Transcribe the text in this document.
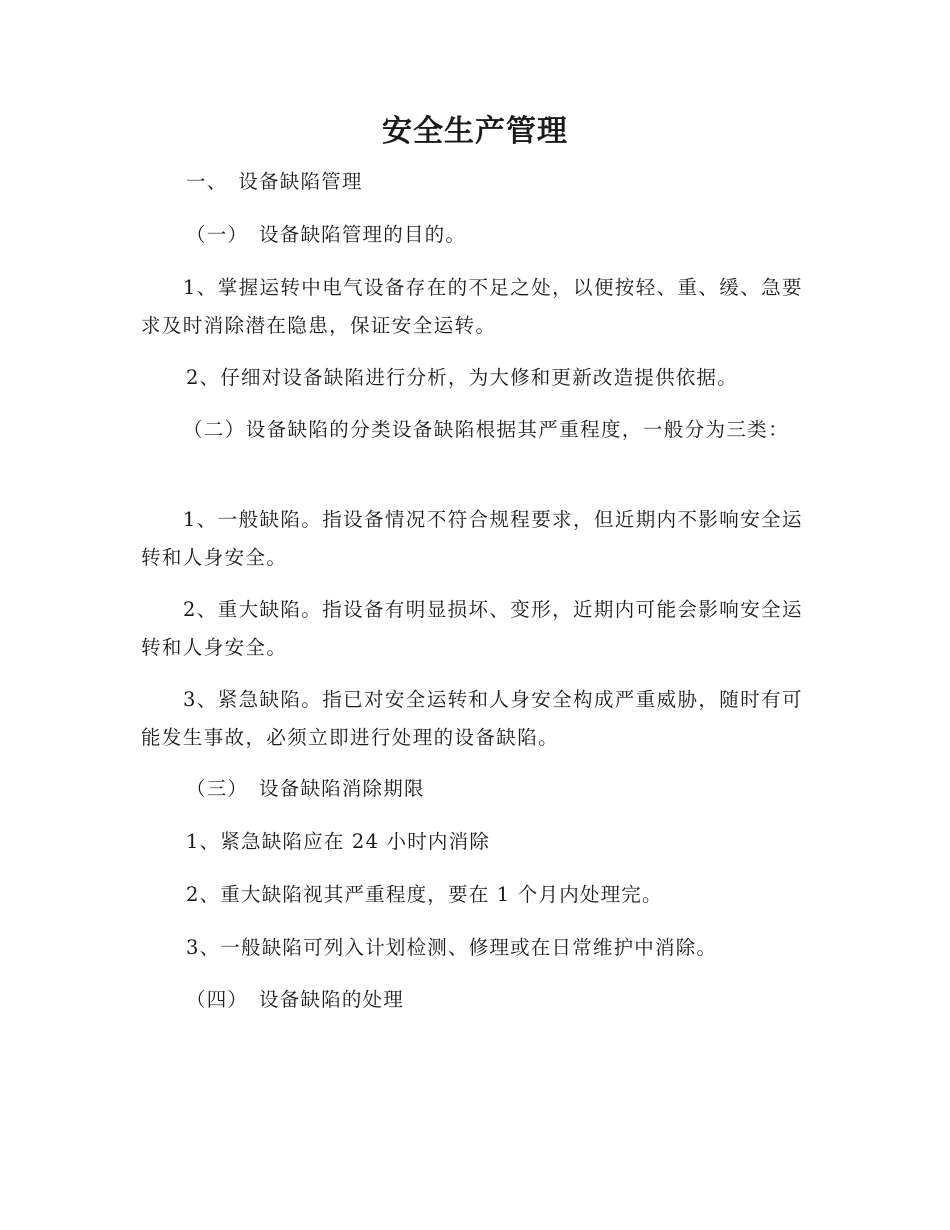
安全生产管理
一、　设备缺陷管理
（一）　设备缺陷管理的目的。

1、掌握运转中电气设备存在的不足之处，以便按轻、重、缓、急要求及时消除潜在隐患，保证安全运转。

2、仔细对设备缺陷进行分析，为大修和更新改造提供依据。

（二）设备缺陷的分类设备缺陷根据其严重程度，一般分为三类：

1、一般缺陷。指设备情况不符合规程要求，但近期内不影响安全运转和人身安全。

2、重大缺陷。指设备有明显损坏、变形，近期内可能会影响安全运转和人身安全。

3、紧急缺陷。指已对安全运转和人身安全构成严重威胁，随时有可能发生事故，必须立即进行处理的设备缺陷。

（三）　设备缺陷消除期限
1、紧急缺陷应在 24 小时内消除
2、重大缺陷视其严重程度，要在 1 个月内处理完。
3、一般缺陷可列入计划检测、修理或在日常维护中消除。
（四）　设备缺陷的处理
